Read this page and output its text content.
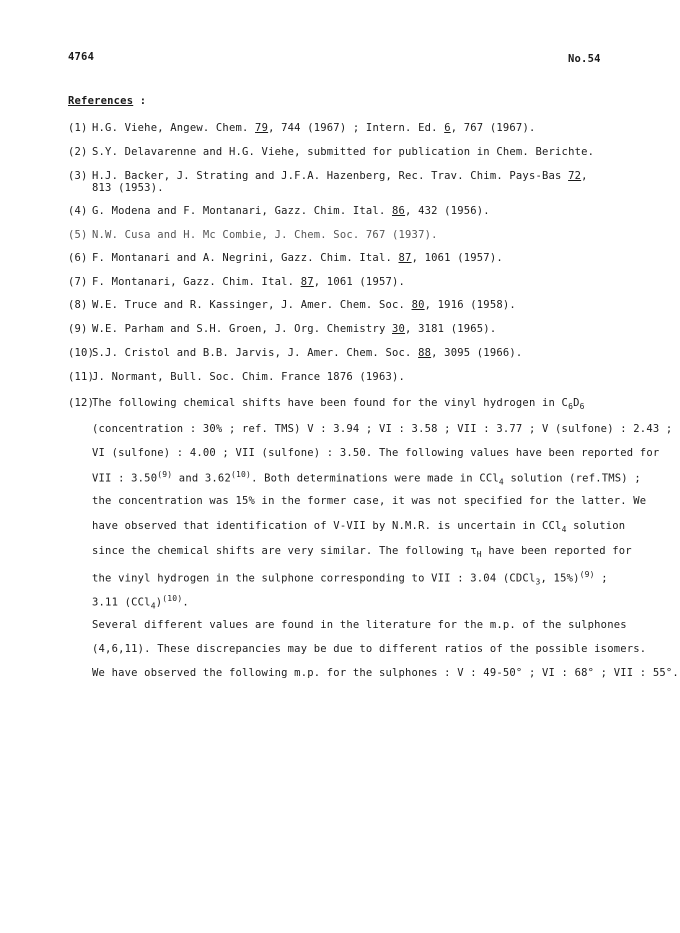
4764	No.54
References :
(1) H.G. Viehe, Angew. Chem. 79, 744 (1967) ; Intern. Ed. 6, 767 (1967).
(2) S.Y. Delavarenne and H.G. Viehe, submitted for publication in Chem. Berichte.
(3) H.J. Backer, J. Strating and J.F.A. Hazenberg, Rec. Trav. Chim. Pays-Bas 72,
813 (1953).
(4) G. Modena and F. Montanari, Gazz. Chim. Ital. 86, 432 (1956).
(5) N.W. Cusa and H. Mc Combie, J. Chem. Soc. 767 (1937).
(6) F. Montanari and A. Negrini, Gazz. Chim. Ital. 87, 1061 (1957).
(7) F. Montanari, Gazz. Chim. Ital. 87, 1061 (1957).
(8) W.E. Truce and R. Kassinger, J. Amer. Chem. Soc. 80, 1916 (1958).
(9) W.E. Parham and S.H. Groen, J. Org. Chemistry 30, 3181 (1965).
(10)S.J. Cristol and B.B. Jarvis, J. Amer. Chem. Soc. 88, 3095 (1966).
(11)J. Normant, Bull. Soc. Chim. France 1876 (1963).
(12)The following chemical shifts have been found for the vinyl hydrogen in $C_6D_6$
(concentration : 30% ; ref. TMS) V : 3.94 ; VI : 3.58 ; VII : 3.77 ; V (sulfone) : 2.43 ;
VI (sulfone) : 4.00 ; VII (sulfone) : 3.50. The following values have been reported for
VII : 3.50$^{(9)}$ and 3.62$^{(10)}$. Both determinations were made in CCl$_4$ solution (ref.TMS) ;
the concentration was 15% in the former case, it was not specified for the latter. We
have observed that identification of V-VII by N.M.R. is uncertain in CCl$_4$ solution
since the chemical shifts are very similar. The following $\tau_H$ have been reported for
the vinyl hydrogen in the sulphone corresponding to VII : 3.04 (CDCl$_3$, 15%)$^{(9)}$ ;
3.11 $(CCl_4)^{(10)}$.
Several different values are found in the literature for the m.p. of the sulphones
(4,6,11). These discrepancies may be due to different ratios of the possible isomers.
We have observed the following m.p. for the sulphones : V : 49-50° ; VI : 68° ; VII : 55°.
